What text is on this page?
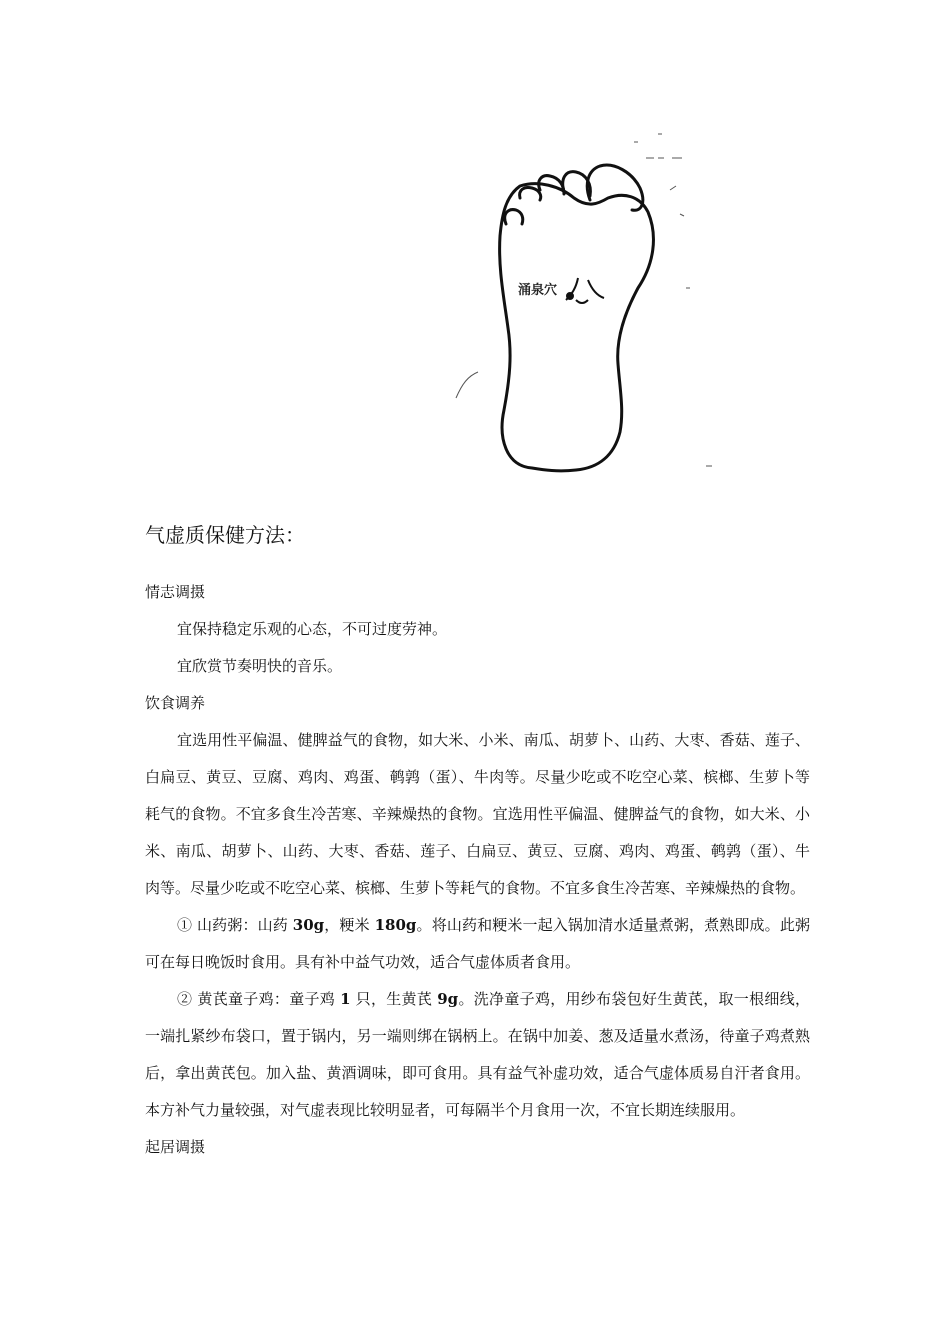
涌泉穴
气虚质保健方法：

情志调摄

宜保持稳定乐观的心态，不可过度劳神。

宜欣赏节奏明快的音乐。

饮食调养

宜选用性平偏温、健脾益气的食物，如大米、小米、南瓜、胡萝卜、山药、大枣、香菇、莲子、白扁豆、黄豆、豆腐、鸡肉、鸡蛋、鹌鹑（蛋）、牛肉等。尽量少吃或不吃空心菜、槟榔、生萝卜等耗气的食物。不宜多食生冷苦寒、辛辣燥热的食物。宜选用性平偏温、健脾益气的食物，如大米、小米、南瓜、胡萝卜、山药、大枣、香菇、莲子、白扁豆、黄豆、豆腐、鸡肉、鸡蛋、鹌鹑（蛋）、牛肉等。尽量少吃或不吃空心菜、槟榔、生萝卜等耗气的食物。不宜多食生冷苦寒、辛辣燥热的食物。

① 山药粥：山药 30g，粳米 180g。将山药和粳米一起入锅加清水适量煮粥，煮熟即成。此粥可在每日晚饭时食用。具有补中益气功效，适合气虚体质者食用。

② 黄芪童子鸡：童子鸡 1 只，生黄芪 9g。洗净童子鸡，用纱布袋包好生黄芪，取一根细线，一端扎紧纱布袋口，置于锅内，另一端则绑在锅柄上。在锅中加姜、葱及适量水煮汤，待童子鸡煮熟后，拿出黄芪包。加入盐、黄酒调味，即可食用。具有益气补虚功效，适合气虚体质易自汗者食用。本方补气力量较强，对气虚表现比较明显者，可每隔半个月食用一次，不宜长期连续服用。

起居调摄
